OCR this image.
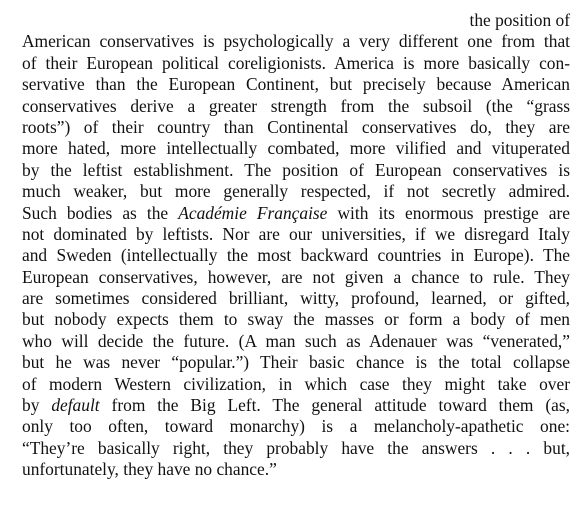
the position of
American conservatives is psychologically a very different one from that
of their European political coreligionists. America is more basically con-
servative than the European Continent, but precisely because American
conservatives derive a greater strength from the subsoil (the “grass
roots”) of their country than Continental conservatives do, they are
more hated, more intellectually combated, more vilified and vituperated
by the leftist establishment. The position of European conservatives is
much weaker, but more generally respected, if not secretly admired.
Such bodies as the Académie Française with its enormous prestige are
not dominated by leftists. Nor are our universities, if we disregard Italy
and Sweden (intellectually the most backward countries in Europe). The
European conservatives, however, are not given a chance to rule. They
are sometimes considered brilliant, witty, profound, learned, or gifted,
but nobody expects them to sway the masses or form a body of men
who will decide the future. (A man such as Adenauer was “venerated,”
but he was never “popular.”) Their basic chance is the total collapse
of modern Western civilization, in which case they might take over
by default from the Big Left. The general attitude toward them (as,
only too often, toward monarchy) is a melancholy-apathetic one:
“They’re basically right, they probably have the answers . . . but,
unfortunately, they have no chance.”
